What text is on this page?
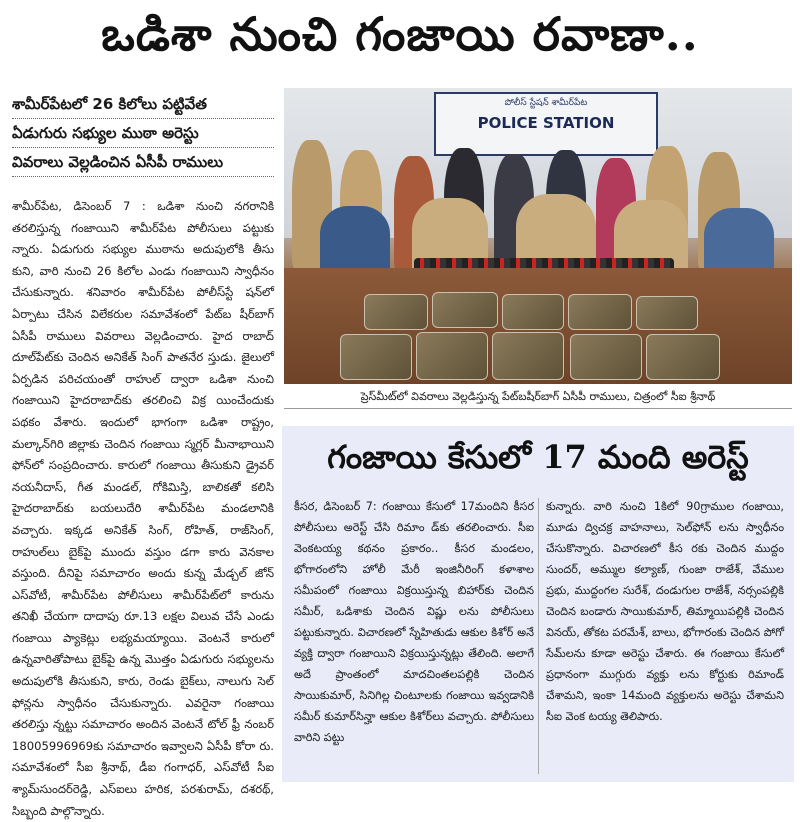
ఒడిశా నుంచి గంజాయి రవాణా..
శామీర్‌పేటలో 26 కిలోలు పట్టివేత
ఏడుగురు సభ్యుల ముఠా అరెస్టు
వివరాలు వెల్లడించిన ఏసీపీ రాములు

శామీర్‌పేట, డిసెంబర్ 7 : ఒడిశా నుంచి నగరానికి తరలిస్తున్న గంజాయిని శామీర్‌పేట పోలీసులు పట్టుకు న్నారు. ఏడుగురు సభ్యుల ముఠాను అదుపులోకి తీసు కుని, వారి నుంచి 26 కిలోల ఎండు గంజాయిని స్వాధీనం చేసుకున్నారు. శనివారం శామీర్‌పేట పోలీస్‌స్టే షన్‌లో ఏర్పాటు చేసిన విలేకరుల సమావేశంలో పేట్‌బ షీర్‌బాగ్ ఏసీపీ రాములు వివరాలు వెల్లడించారు. హైద రాబాద్ దూల్‌పేట్‌కు చెందిన అనికేత్ సింగ్ పాతనేర స్తుడు. జైలులో ఏర్పడిన పరిచయంతో రాహుల్ ద్వారా ఒడిశా నుంచి గంజాయిని హైదరాబాద్‌కు తరలించి విక్ర యించేందుకు పథకం వేశారు. ఇందులో భాగంగా ఒడిశా రాష్ట్రం, మల్కాన్‌గిరి జిల్లాకు చెందిన గంజాయి స్మగ్లర్ మీనాభాయిని ఫోన్‌లో సంప్రదించారు. కారులో గంజాయి తీసుకుని డ్రైవర్ నయనీదాస్, గీత మండల్, గోకిమిస్తి, బాలికతో కలిసి హైదరాబాద్‌కు బయలుదేరి శామీర్‌పేట మండలానికి వచ్చారు. ఇక్కడ అనికేత్ సింగ్, రోహిత్, రాజ్‌సింగ్, రాహుల్‌లు బైక్‌పై ముందు వస్తుం డగా కారు వెనకాల వస్తుంది. దీనిపై సమాచారం అందు కున్న మేడ్చల్ జోన్ ఎస్‌వోటీ, శామీర్‌పేట పోలీసులు శామీర్‌పేట్‌లో కారును తనిఖీ చేయగా దాదాపు రూ.13 లక్షల విలువ చేసే ఎండు గంజాయి ప్యాకెట్లు లభ్యమయ్యాయి. వెంటనే కారులో ఉన్నవారితోపాటు బైక్‌పై ఉన్న మొత్తం ఏడుగురు సభ్యులను అదుపులోకి తీసుకుని, కారు, రెండు బైక్‌లు, నాలుగు సెల్ ఫోన్లను స్వాధీనం చేసుకున్నారు. ఎవరైనా గంజాయి తరలిస్తు న్నట్టు సమాచారం అందిన వెంటనే టోల్ ఫ్రీ నంబర్ 18005996969కు సమాచారం ఇవ్వాలని ఏసీపీ కోరా రు. సమావేశంలో సీఐ శ్రీనాథ్, డీఐ గంగాధర్, ఎస్‌వోటీ సీఐ శ్యామ్‌సుందర్‌రెడ్డి, ఎస్‌ఐలు హరిక, పరశురామ్, దశరథ్, సిబ్బంది పాల్గొన్నారు.

పోలీస్ స్టేషన్ శామీర్‌పేట
POLICE STATION
ప్రెస్‌మీట్‌లో వివరాలు వెల్లడిస్తున్న పేట్‌బషీర్‌బాగ్ ఏసీపీ రాములు, చిత్రంలో సీఐ శ్రీనాథ్
గంజాయి కేసులో 17 మంది అరెస్ట్

కీసర, డిసెంబర్ 7: గంజాయి కేసులో 17మందిని కీసర పోలీసులు అరెస్ట్ చేసి రిమాం డ్‌కు తరలించారు. సీఐ వెంకటయ్య కథనం ప్రకారం.. కీసర మండలం, భోగారంలోని హోలీ మేరీ ఇంజినీరింగ్ కళాశాల సమీపంలో గంజాయి విక్రయిస్తున్న బిహార్‌కు చెందిన సమీర్, ఒడిశాకు చెందిన విష్ణు లను పోలీసులు పట్టుకున్నారు. విచారణలో స్నేహితుడు ఆకుల కిశోర్ అనే వ్యక్తి ద్వారా గంజాయిని విక్రయిస్తున్నట్లు తేలింది. అలాగే అదే ప్రాంతంలో మాదచింతలపల్లికి చెందిన సాయికుమార్, సినిగిల్ల చింటూలకు గంజాయి ఇవ్వడానికి సమీర్ కుమార్‌సిన్హా ఆకుల కిశోర్‌లు వచ్చారు. పోలీసులు వారిని పట్టు

కున్నారు. వారి నుంచి 1కిలో 90గ్రాముల గంజాయి, మూడు ద్విచక్ర వాహనాలు, సెల్‌ఫోన్ లను స్వాధీనం చేసుకొన్నారు. విచారణలో కీస రకు చెందిన ముద్దం సుందర్, అమ్ముల కల్యాణ్, గుంజా రాజేశ్, వేముల ప్రభు, ముద్దంగల సురేశ్, దండుగుల రాజేశ్, నర్సంపల్లికి చెందిన బండారు సాయికుమార్, తిమ్మాయిపల్లికి చెందిన వినయ్, తోకట పరమేశ్, బాలు, భోగారంకు చెందిన పోగో సేమ్‌లను కూడా అరెస్టు చేశారు. ఈ గంజాయి కేసులో ప్రధానంగా ముగ్గురు వ్యక్తు లను కోర్టుకు రిమాండ్ చేశామని, ఇంకా 14మంది వ్యక్తులను అరెస్టు చేశామని సీఐ వెంక టయ్య తెలిపారు.
